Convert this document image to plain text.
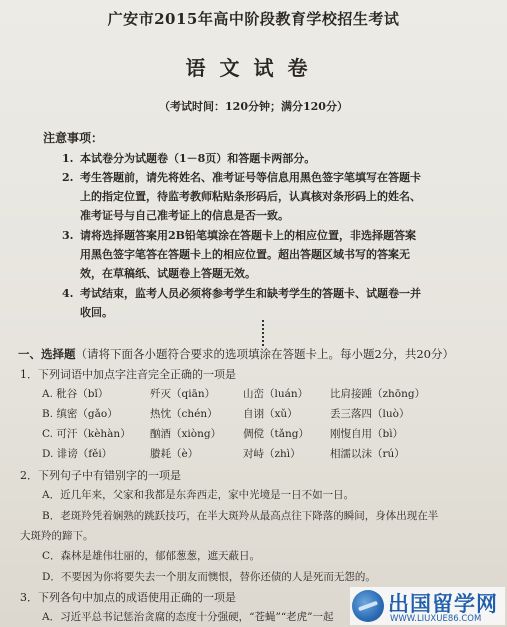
广安市2015年高中阶段教育学校招生考试
语文试卷
（考试时间：120分钟；满分120分）
注意事项：
1. 本试卷分为试题卷（1－8页）和答题卡两部分。
2. 考生答题前，请先将姓名、准考证号等信息用黑色签字笔填写在答题卡
上的指定位置，待监考教师粘贴条形码后，认真核对条形码上的姓名、
准考证号与自己准考证上的信息是否一致。
3. 请将选择题答案用2B铅笔填涂在答题卡上的相应位置，非选择题答案
用黑色签字笔答在答题卡上的相应位置。超出答题区域书写的答案无
效，在草稿纸、试题卷上答题无效。
4. 考试结束，监考人员必须将参考学生和缺考学生的答题卡、试题卷一并
收回。
一、选择题（请将下面各小题符合要求的选项填涂在答题卡上。每小题2分，共20分）
1．下列词语中加点字注音完全正确的一项是
A. 秕谷（bǐ）	歼灭（qiān）	山峦（luán） 比肩接踵（zhōng）
B. 缜密（gǎo）	热忱（chén） 自诩（xǔ）	丢三落四（luò）
C. 可汗（kèhàn） 酗酒（xiòng） 倜傥（tǎng） 刚愎自用（bì）
D. 诽谤（fěi）	賸耗（è）	对峙（zhì）	相濡以沫（rú）
2．下列句子中有错别字的一项是
A．近几年来，父家和我都是东奔西走，家中光境是一日不如一日。
B．老斑羚凭着娴熟的跳跃技巧，在半大斑羚从最高点往下降落的瞬间，身体出现在半
大斑羚的蹄下。
C．森林是雄伟壮丽的，郁郁葱葱，遮天蔽日。
D．不要因为你将要失去一个朋友而懊恨，替你还债的人是死而无怨的。
3．下列各句中加点的成语使用正确的一项是
A．习近平总书记惩治贪腐的态度十分强硬，“苍蝇”“老虎”一起
出国留学网
WWW.LIUXUE86.COM
